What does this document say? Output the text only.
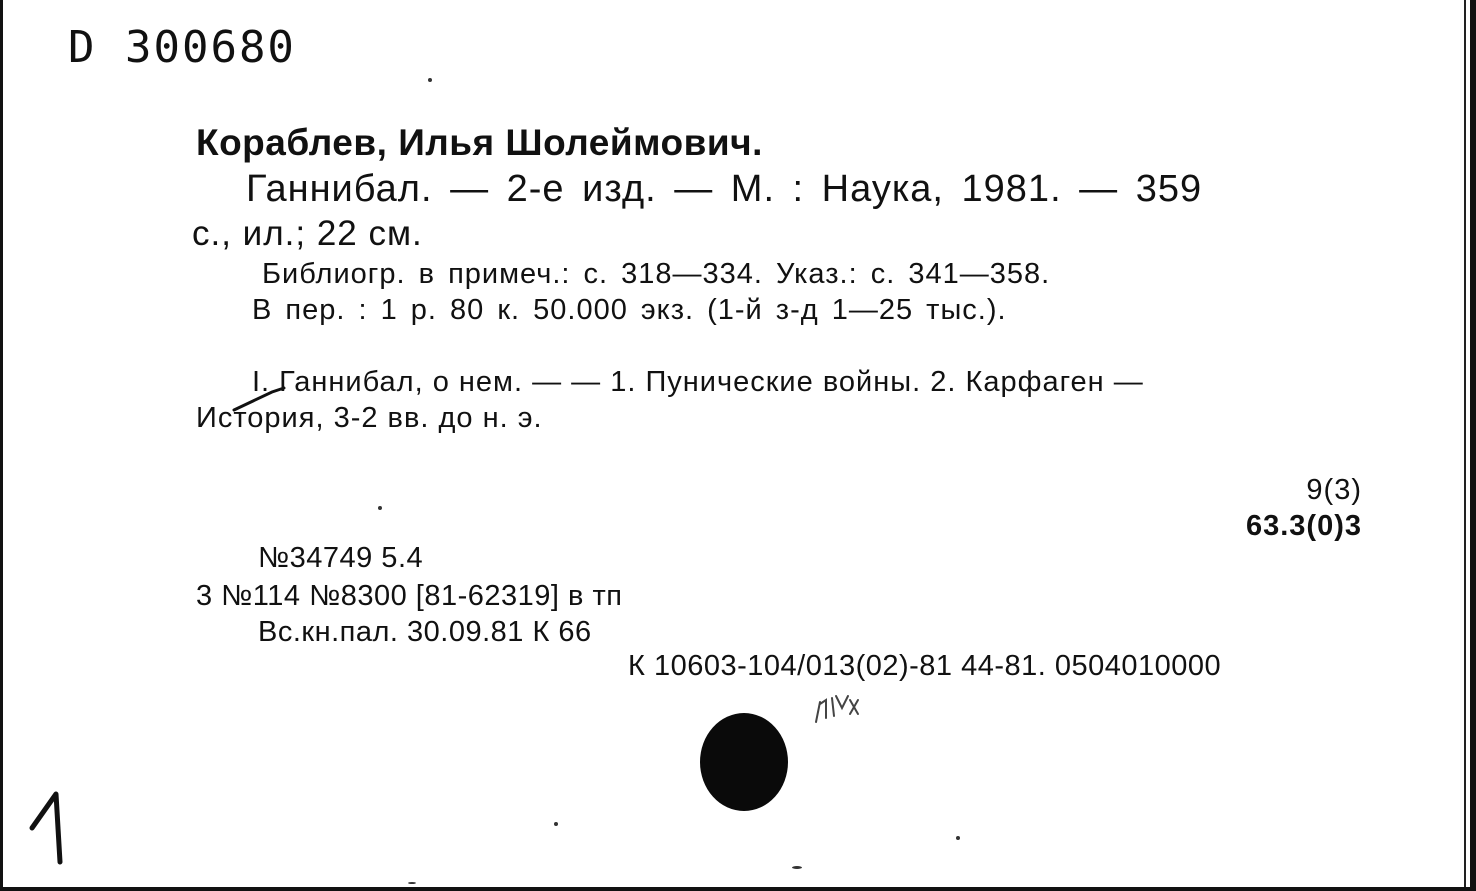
D 300680
Кораблев, Илья Шолеймович.
Ганнибал. — 2-е изд. — М. : Наука, 1981. — 359
с., ил.; 22 см.
Библиогр. в примеч.: с. 318—334. Указ.: с. 341—358.
В пер. : 1 р. 80 к. 50.000 экз. (1-й з-д 1—25 тыс.).
I. Ганнибал, о нем. — — 1. Пунические войны. 2. Карфаген —
История, 3-2 вв. до н. э.
9(3)
63.3(0)3
№34749 5.4
3 №114 №8300 [81-62319] в тп
Вс.кн.пал. 30.09.81 К 66
К 10603-104/013(02)-81 44-81. 0504010000
